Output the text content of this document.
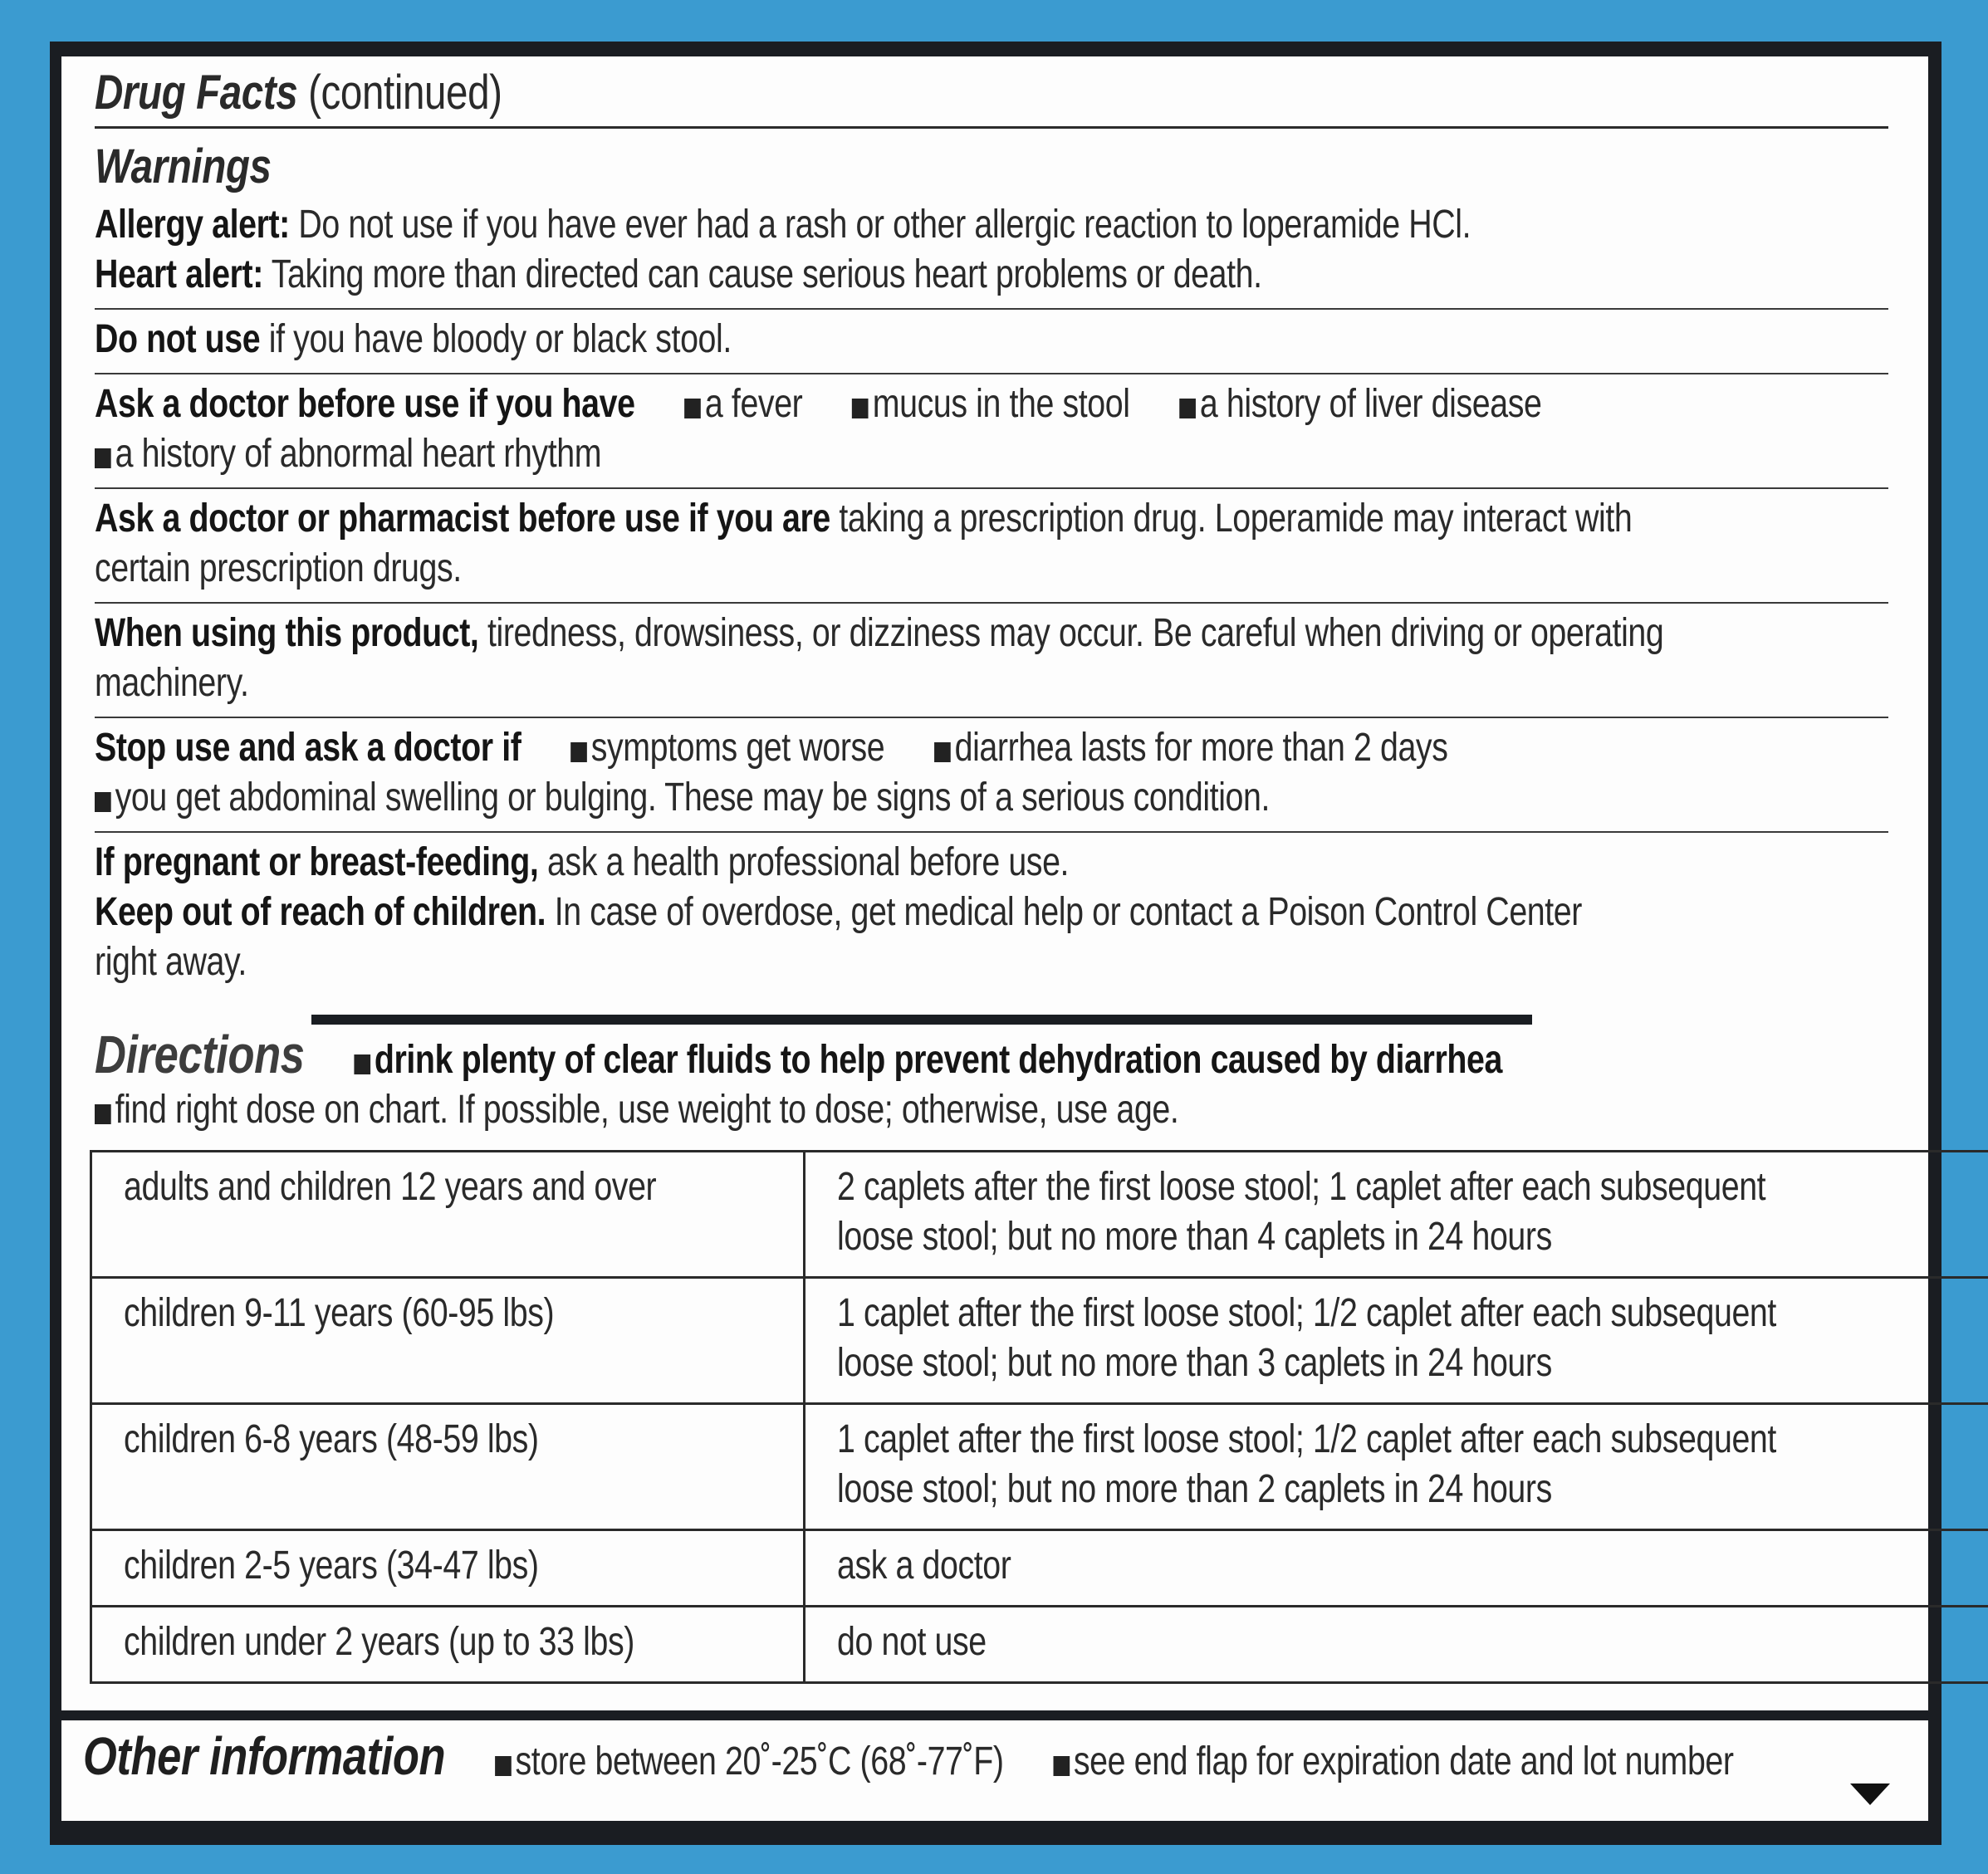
Drug Facts (continued)
Warnings
Allergy alert: Do not use if you have ever had a rash or other allergic reaction to loperamide HCl.
Heart alert: Taking more than directed can cause serious heart problems or death.
Do not use if you have bloody or black stool.
Ask a doctor before use if you have a fever mucus in the stool a history of liver disease
a history of abnormal heart rhythm
Ask a doctor or pharmacist before use if you are taking a prescription drug. Loperamide may interact with
certain prescription drugs.
When using this product, tiredness, drowsiness, or dizziness may occur. Be careful when driving or operating
machinery.
Stop use and ask a doctor if symptoms get worse diarrhea lasts for more than 2 days
you get abdominal swelling or bulging. These may be signs of a serious condition.
If pregnant or breast-feeding, ask a health professional before use.
Keep out of reach of children. In case of overdose, get medical help or contact a Poison Control Center
right away.
Directions drink plenty of clear fluids to help prevent dehydration caused by diarrhea
find right dose on chart. If possible, use weight to dose; otherwise, use age.
adults and children 12 years and over	2 caplets after the first loose stool; 1 caplet after each subsequent
loose stool; but no more than 4 caplets in 24 hours

children 9-11 years (60-95 lbs)	1 caplet after the first loose stool; 1/2 caplet after each subsequent
loose stool; but no more than 3 caplets in 24 hours

children 6-8 years (48-59 lbs)	1 caplet after the first loose stool; 1/2 caplet after each subsequent
loose stool; but no more than 2 caplets in 24 hours

children 2-5 years (34-47 lbs)	ask a doctor

children under 2 years (up to 33 lbs)	do not use
Other information store between 20˚-25˚C (68˚-77˚F) see end flap for expiration date and lot number
